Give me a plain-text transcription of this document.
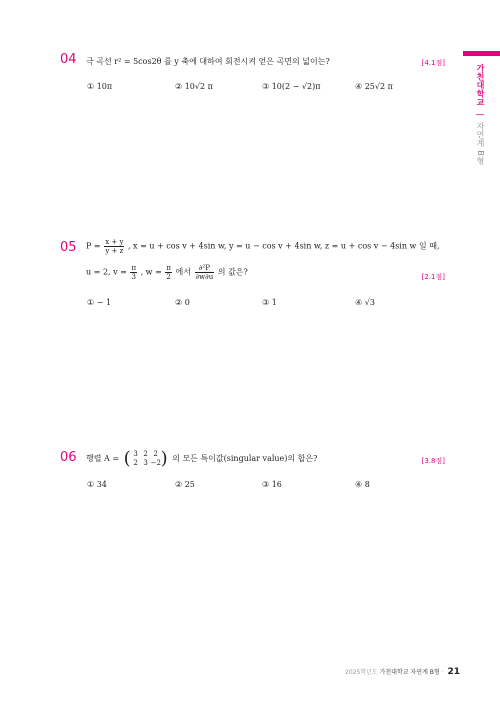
가천대학교 | 자연계 B형
04 극 곡선 r² = 5cos2θ 를 y 축에 대하여 회전시켜 얻은 곡면의 넓이는?	[4.1점]
① 10π	② 10√2 π	③ 10(2 − √2)π	④ 25√2 π
05 $P = \frac{x + y}{y + z}$ , x = u + cos v + 4sin w, y = u − cos v + 4sin w, z = u + cos v − 4sin w 일 때,
u = 2, $v = \frac{\pi}{3}$ , $w = \frac{\pi}{2}$ 에서 $\frac{\text{∂²P}}{\partial w\partial u}$ 의 값은?
[2.1점]
① − 1	② 0	③ 1	④ √3
06 행렬 A = ( 3 2 2
2 3 −2 ) 의 모든 특이값(singular value)의 합은?	[3.8점]
① 34	② 25	③ 16	④ 8
2025학년도 가천대학교 자연계 B형 · 21
